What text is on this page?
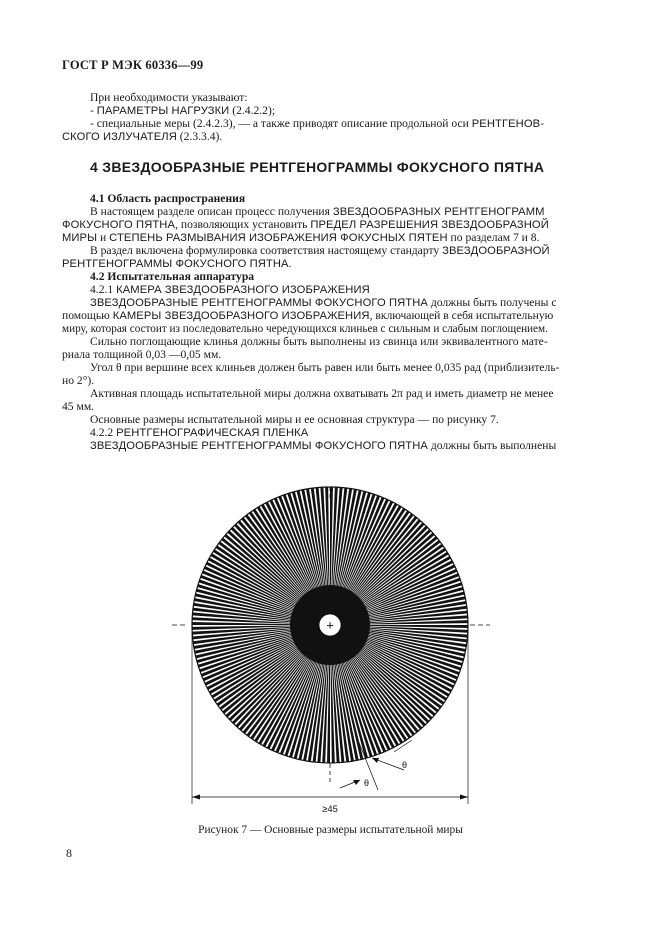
ГОСТ Р МЭК 60336—99
При необходимости указывают:
- ПАРАМЕТРЫ НАГРУЗКИ (2.4.2.2);
- специальные меры (2.4.2.3), — а также приводят описание продольной оси РЕНТГЕНОВ-
СКОГО ИЗЛУЧАТЕЛЯ (2.3.3.4).
4 ЗВЕЗДООБРАЗНЫЕ РЕНТГЕНОГРАММЫ ФОКУСНОГО ПЯТНА
4.1 Область распространения
В настоящем разделе описан процесс получения ЗВЕЗДООБРАЗНЫХ РЕНТГЕНОГРАММ
ФОКУСНОГО ПЯТНА, позволяющих установить ПРЕДЕЛ РАЗРЕШЕНИЯ ЗВЕЗДООБРАЗНОЙ
МИРЫ и СТЕПЕНЬ РАЗМЫВАНИЯ ИЗОБРАЖЕНИЯ ФОКУСНЫХ ПЯТЕН по разделам 7 и 8.
В раздел включена формулировка соответствия настоящему стандарту ЗВЕЗДООБРАЗНОЙ
РЕНТГЕНОГРАММЫ ФОКУСНОГО ПЯТНА.
4.2 Испытательная аппаратура
4.2.1 КАМЕРА ЗВЕЗДООБРАЗНОГО ИЗОБРАЖЕНИЯ
ЗВЕЗДООБРАЗНЫЕ РЕНТГЕНОГРАММЫ ФОКУСНОГО ПЯТНА должны быть получены с
помощью КАМЕРЫ ЗВЕЗДООБРАЗНОГО ИЗОБРАЖЕНИЯ, включающей в себя испытательную
миру, которая состоит из последовательно чередующихся клиньев с сильным и слабым поглощением.
Сильно поглощающие клинья должны быть выполнены из свинца или эквивалентного мате-
риала толщиной 0,03 —0,05 мм.
Угол θ при вершине всех клиньев должен быть равен или быть менее 0,035 рад (приблизитель-
но 2°).
Активная площадь испытательной миры должна охватывать 2π рад и иметь диаметр не менее
45 мм.
Основные размеры испытательной миры и ее основная структура — по рисунку 7.
4.2.2 РЕНТГЕНОГРАФИЧЕСКАЯ ПЛЕНКА
ЗВЕЗДООБРАЗНЫЕ РЕНТГЕНОГРАММЫ ФОКУСНОГО ПЯТНА должны быть выполнены
+
≥45
θ
θ
Рисунок 7 — Основные размеры испытательной миры
8
